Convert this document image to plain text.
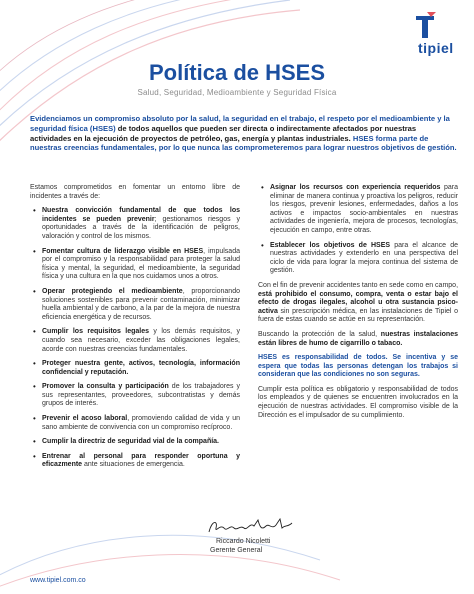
tipiel
Política de HSES
Salud, Seguridad, Medioambiente y Seguridad Física
Evidenciamos un compromiso absoluto por la salud, la seguridad en el trabajo, el respeto por el medioambiente y la seguridad física (HSES) de todos aquellos que pueden ser directa o indirectamente afectados por nuestras actividades en la ejecución de proyectos de petróleo, gas, energía y plantas industriales. HSES forma parte de nuestras creencias fundamentales, por lo que nunca las comprometeremos para lograr nuestros objetivos de gestión.

Estamos comprometidos en fomentar un entorno libre de incidentes a través de:

• Nuestra convicción fundamental de que todos los incidentes se pueden prevenir; gestionamos riesgos y oportunidades a través de la identificación de peligros, valoración y control de los mismos.
• Fomentar cultura de liderazgo visible en HSES, impulsada por el compromiso y la responsabilidad para proteger la salud física y mental, la seguridad, el medioambiente, la seguridad física y una cultura en la que nos cuidamos unos a otros.
• Operar protegiendo el medioambiente, proporcionando soluciones sostenibles para prevenir contaminación, minimizar huella ambiental y de carbono, a la par de la mejora de nuestra eficiencia energética y de recursos.
• Cumplir los requisitos legales y los demás requisitos, y cuando sea necesario, exceder las obligaciones legales, acorde con nuestras creencias fundamentales.
• Proteger nuestra gente, activos, tecnología, información confidencial y reputación.
• Promover la consulta y participación de los trabajadores y sus representantes, proveedores, subcontratistas y demás grupos de interés.
• Prevenir el acoso laboral, promoviendo calidad de vida y un sano ambiente de convivencia con un compromiso recíproco.
• Cumplir la directriz de seguridad vial de la compañía.
• Entrenar al personal para responder oportuna y eficazmente ante situaciones de emergencia.
• Asignar los recursos con experiencia requeridos para eliminar de manera continua y proactiva los peligros, reducir los riesgos, prevenir lesiones, enfermedades, daños a los activos e impactos socio-ambientales en nuestras actividades de ingeniería, mejora de procesos, tecnologías, ejecución en campo, entre otras.
• Establecer los objetivos de HSES para el alcance de nuestras actividades y extenderlo en una perspectiva del ciclo de vida para lograr la mejora continua del sistema de gestión.

Con el fin de prevenir accidentes tanto en sede como en campo, está prohibido el consumo, compra, venta o estar bajo el efecto de drogas ilegales, alcohol u otra sustancia psico-activa sin prescripción médica, en las instalaciones de Tipiel o fuera de estas cuando se actúe en su representación.

Buscando la protección de la salud, nuestras instalaciones están libres de humo de cigarrillo o tabaco.

HSES es responsabilidad de todos. Se incentiva y se espera que todas las personas detengan los trabajos si consideran que las condiciones no son seguras.

Cumplir esta política es obligatorio y responsabilidad de todos los empleados y de quienes se encuentren involucrados en la ejecución de nuestras actividades. El compromiso visible de la Dirección es el impulsador de su cumplimiento.

Riccardo Nicoletti
Gerente General
www.tipiel.com.co
